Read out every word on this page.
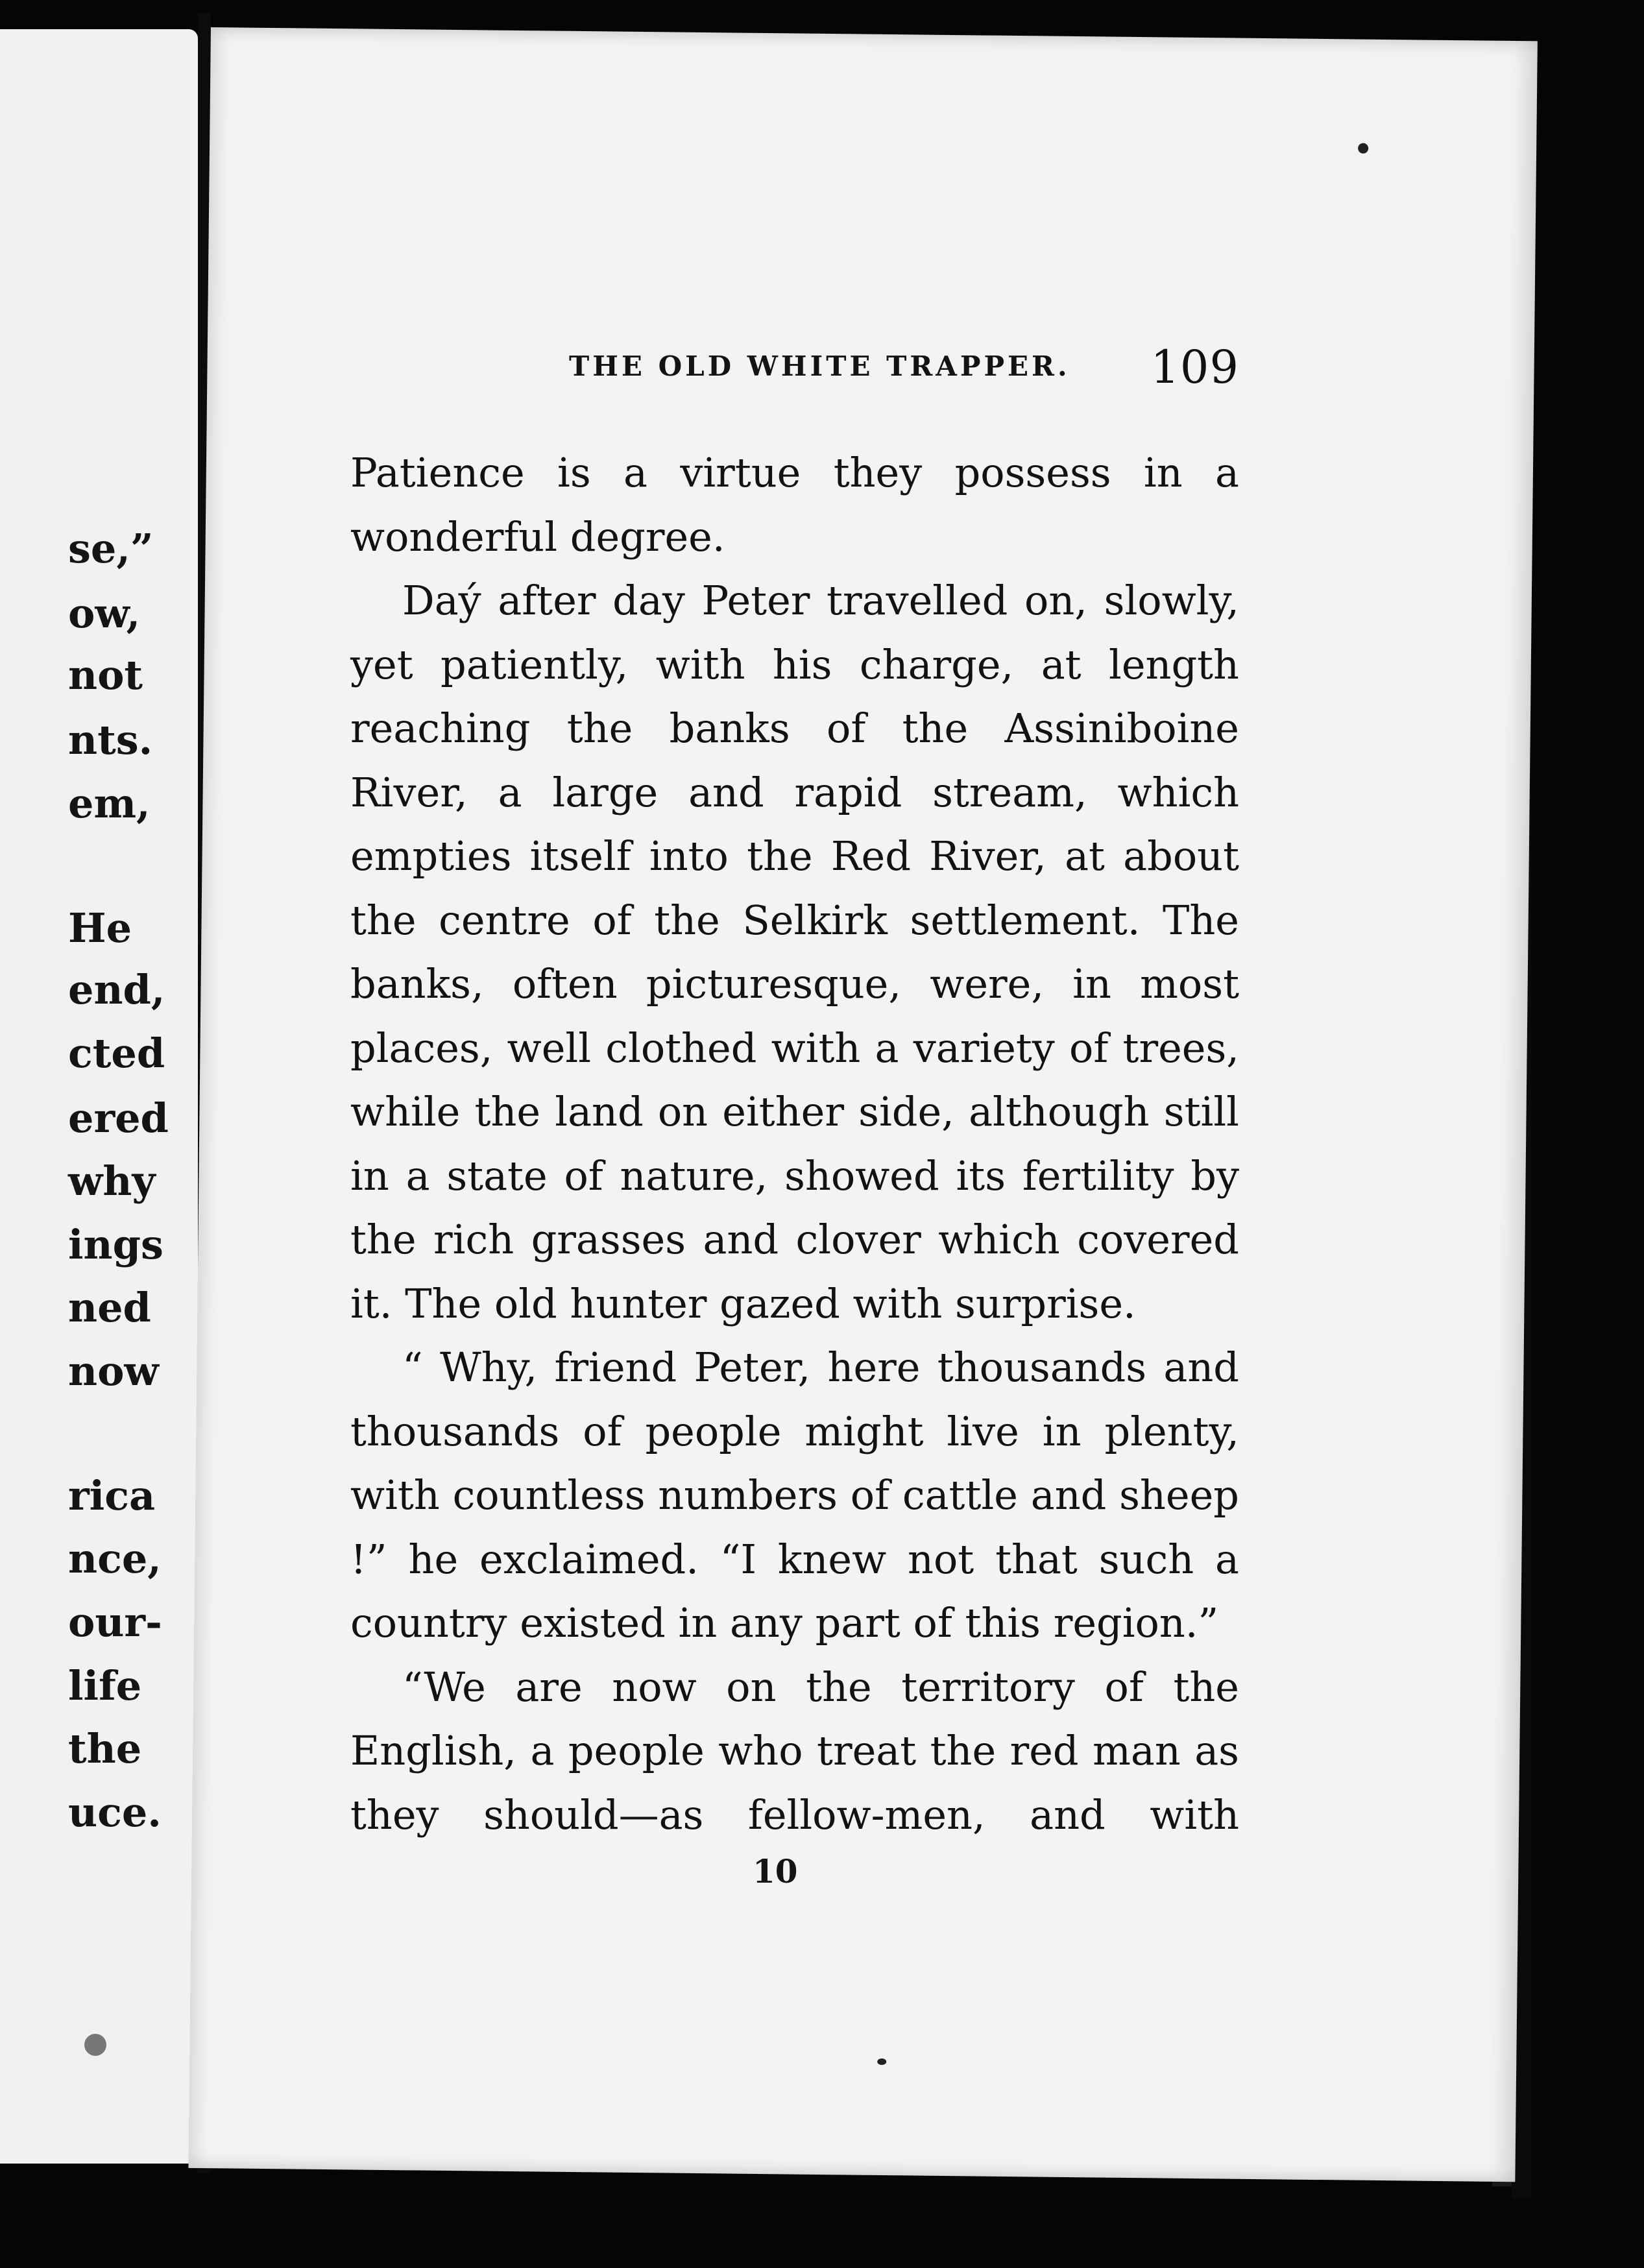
se,”
ow,
not
nts.
em,
He
end,
cted
ered
why
ings
ned
now
rica
nce,
our-
life
the
uce.
THE OLD WHITE TRAPPER. 109

Patience is a virtue they possess in a wonderful degree.

Daý after day Peter travelled on, slowly, yet patiently, with his charge, at length reaching the banks of the Assiniboine River, a large and rapid stream, which empties itself into the Red River, at about the centre of the Selkirk settlement. The banks, often picturesque, were, in most places, well clothed with a variety of trees, while the land on either side, although still in a state of nature, showed its fertility by the rich grasses and clover which covered it. The old hunter gazed with surprise.

“ Why, friend Peter, here thousands and thousands of people might live in plenty, with countless numbers of cattle and sheep !” he exclaimed. “I knew not that such a country existed in any part of this region.”

“We are now on the territory of the English, a people who treat the red man as they should—as fellow-men, and with

10
